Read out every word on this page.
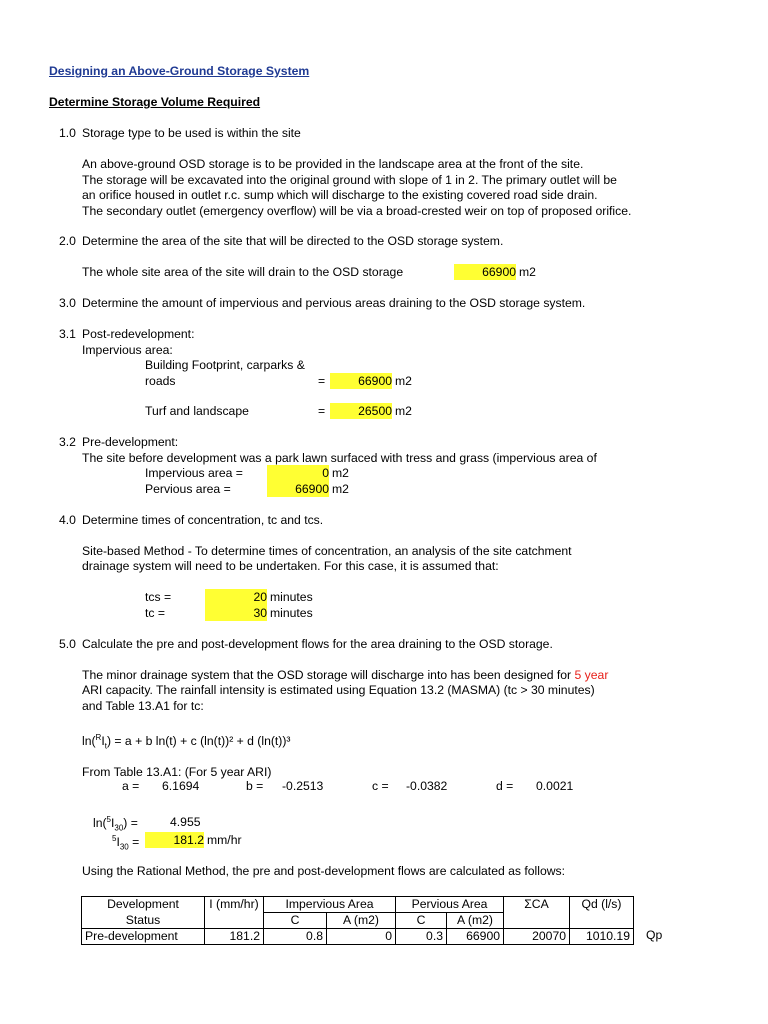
Designing an Above-Ground Storage System
Determine Storage Volume Required
1.0 Storage type to be used is within the site
An above-ground OSD storage is to be provided in the landscape area at the front of the site.
The storage will be excavated into the original ground with slope of 1 in 2. The primary outlet will be
an orifice housed in outlet r.c. sump which will discharge to the existing covered road side drain.
The secondary outlet (emergency overflow) will be via a broad-crested weir on top of proposed orifice.
2.0 Determine the area of the site that will be directed to the OSD storage system.
The whole site area of the site will drain to the OSD storage	66900 m2
3.0 Determine the amount of impervious and pervious areas draining to the OSD storage system.
3.1 Post-redevelopment:
Impervious area:
Building Footprint, carparks &
roads	=	66900 m2
Turf and landscape	=	26500 m2
3.2 Pre-development:
The site before development was a park lawn surfaced with tress and grass (impervious area of
Impervious area =	0 m2
Pervious area =	66900 m2
4.0 Determine times of concentration, tc and tcs.
Site-based Method - To determine times of concentration, an analysis of the site catchment
drainage system will need to be undertaken. For this case, it is assumed that:
tcs =	20 minutes
tc =	30 minutes
5.0 Calculate the pre and post-development flows for the area draining to the OSD storage.
The minor drainage system that the OSD storage will discharge into has been designed for 5 year
ARI capacity. The rainfall intensity is estimated using Equation 13.2 (MASMA) (tc > 30 minutes)
and Table 13.A1 for tc:
$\ln(^RI_t) = a + b$ ln(t) + c (ln(t))² + d (ln(t))³
From Table 13.A1: (For 5 year ARI)
a = 6.1694	b = -0.2513	c = -0.0382	d = 0.0021
$\ln(^5I_{30})$ =	4.955
$^5I_{30}$ =	181.2 mm/hr
Using the Rational Method, the pre and post-development flows are calculated as follows:
Development	I (mm/hr)	Impervious Area		Pervious Area		ΣCA	Qd (l/s)
Status		C	A (m2)	C	A (m2)		
Pre-development	181.2	0.8	0	0.3	66900	20070	1010.19 Qp
